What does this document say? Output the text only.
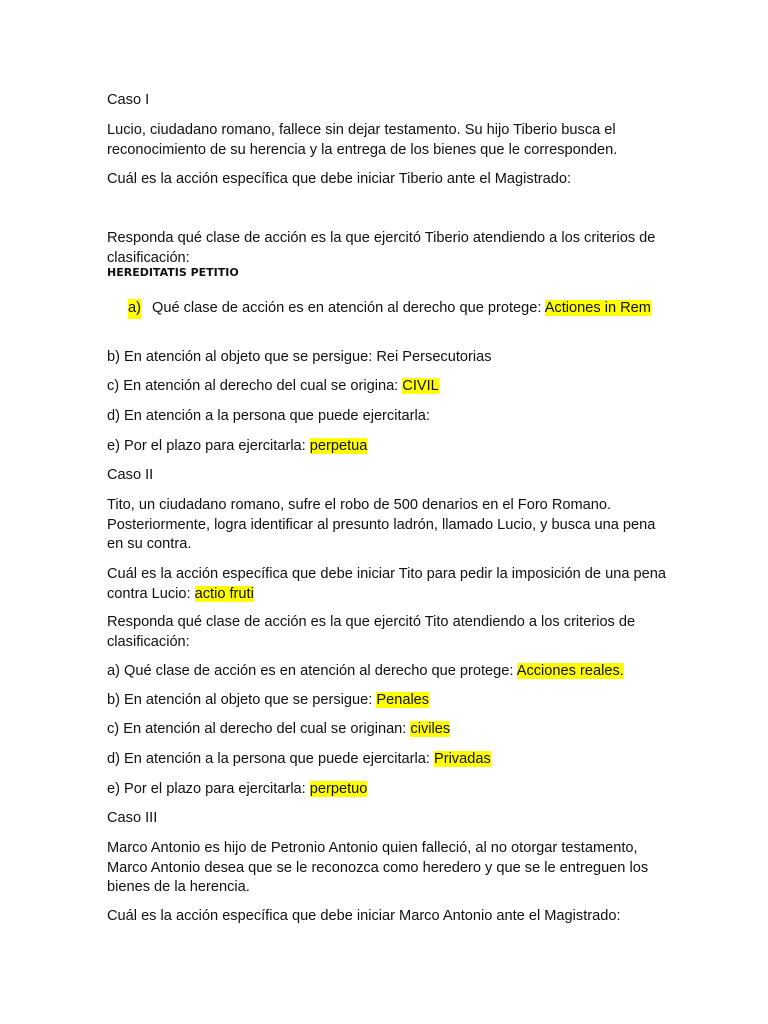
Caso I

Lucio, ciudadano romano, fallece sin dejar testamento. Su hijo Tiberio busca el reconocimiento de su herencia y la entrega de los bienes que le corresponden.

Cuál es la acción específica que debe iniciar Tiberio ante el Magistrado:

Responda qué clase de acción es la que ejercitó Tiberio atendiendo a los criterios de clasificación:

HEREDITATIS PETITIO

a) Qué clase de acción es en atención al derecho que protege: Actiones in Rem

b) En atención al objeto que se persigue: Rei Persecutorias

c) En atención al derecho del cual se origina: CIVIL

d) En atención a la persona que puede ejercitarla:

e) Por el plazo para ejercitarla: perpetua

Caso II

Tito, un ciudadano romano, sufre el robo de 500 denarios en el Foro Romano. Posteriormente, logra identificar al presunto ladrón, llamado Lucio, y busca una pena en su contra.

Cuál es la acción específica que debe iniciar Tito para pedir la imposición de una pena contra Lucio: actio fruti

Responda qué clase de acción es la que ejercitó Tito atendiendo a los criterios de clasificación:

a) Qué clase de acción es en atención al derecho que protege: Acciones reales.

b) En atención al objeto que se persigue: Penales

c) En atención al derecho del cual se originan: civiles

d) En atención a la persona que puede ejercitarla: Privadas

e) Por el plazo para ejercitarla: perpetuo

Caso III

Marco Antonio es hijo de Petronio Antonio quien falleció, al no otorgar testamento, Marco Antonio desea que se le reconozca como heredero y que se le entreguen los bienes de la herencia.

Cuál es la acción específica que debe iniciar Marco Antonio ante el Magistrado:
